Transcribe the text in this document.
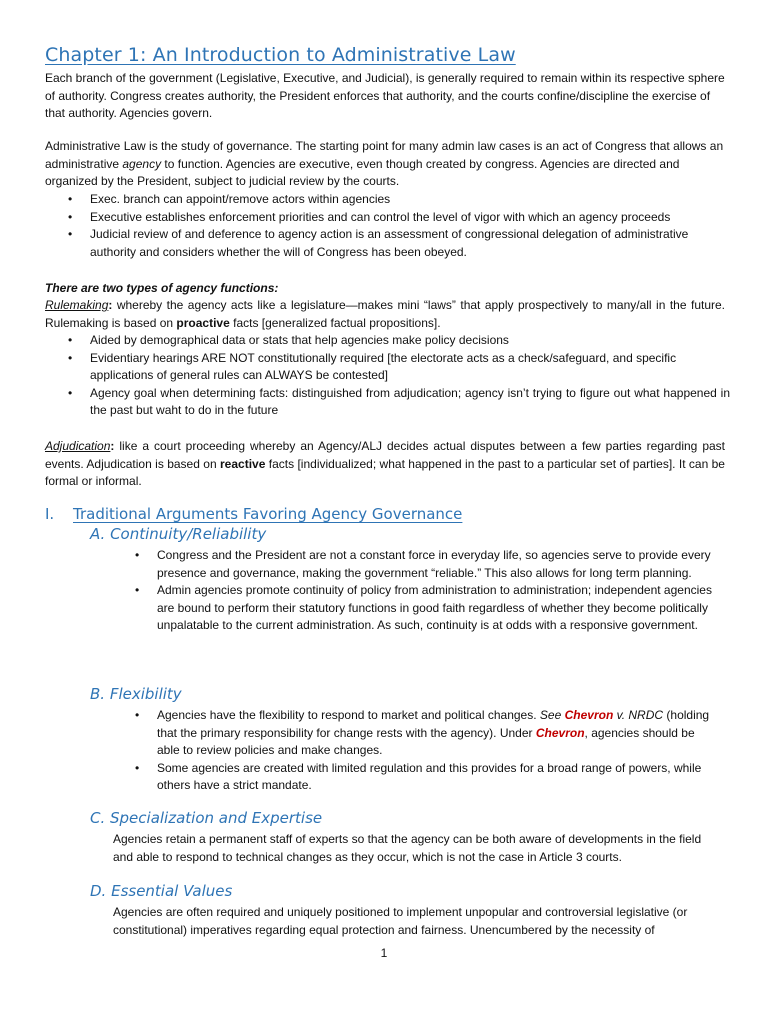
Chapter 1: An Introduction to Administrative Law

Each branch of the government (Legislative, Executive, and Judicial), is generally required to remain within its respective sphere of authority. Congress creates authority, the President enforces that authority, and the courts confine/discipline the exercise of that authority. Agencies govern.

Administrative Law is the study of governance. The starting point for many admin law cases is an act of Congress that allows an administrative agency to function. Agencies are executive, even though created by congress. Agencies are directed and organized by the President, subject to judicial review by the courts.

• Exec. branch can appoint/remove actors within agencies
• Executive establishes enforcement priorities and can control the level of vigor with which an agency proceeds
• Judicial review of and deference to agency action is an assessment of congressional delegation of administrative authority and considers whether the will of Congress has been obeyed.

There are two types of agency functions:

Rulemaking: whereby the agency acts like a legislature—makes mini “laws” that apply prospectively to many/all in the future. Rulemaking is based on proactive facts [generalized factual propositions].

• Aided by demographical data or stats that help agencies make policy decisions
• Evidentiary hearings ARE NOT constitutionally required [the electorate acts as a check/safeguard, and specific applications of general rules can ALWAYS be contested]
• Agency goal when determining facts: distinguished from adjudication; agency isn’t trying to figure out what happened in the past but waht to do in the future

Adjudication: like a court proceeding whereby an Agency/ALJ decides actual disputes between a few parties regarding past events. Adjudication is based on reactive facts [individualized; what happened in the past to a particular set of parties]. It can be formal or informal.

I. Traditional Arguments Favoring Agency Governance
A. Continuity/Reliability
• Congress and the President are not a constant force in everyday life, so agencies serve to provide every presence and governance, making the government “reliable.” This also allows for long term planning.
• Admin agencies promote continuity of policy from administration to administration; independent agencies are bound to perform their statutory functions in good faith regardless of whether they become politically unpalatable to the current administration. As such, continuity is at odds with a responsive government.
B. Flexibility
• Agencies have the flexibility to respond to market and political changes. See Chevron v. NRDC (holding that the primary responsibility for change rests with the agency). Under Chevron, agencies should be able to review policies and make changes.
• Some agencies are created with limited regulation and this provides for a broad range of powers, while others have a strict mandate.
C. Specialization and Expertise

Agencies retain a permanent staff of experts so that the agency can be both aware of developments in the field and able to respond to technical changes as they occur, which is not the case in Article 3 courts.

D. Essential Values

Agencies are often required and uniquely positioned to implement unpopular and controversial legislative (or constitutional) imperatives regarding equal protection and fairness. Unencumbered by the necessity of

1
